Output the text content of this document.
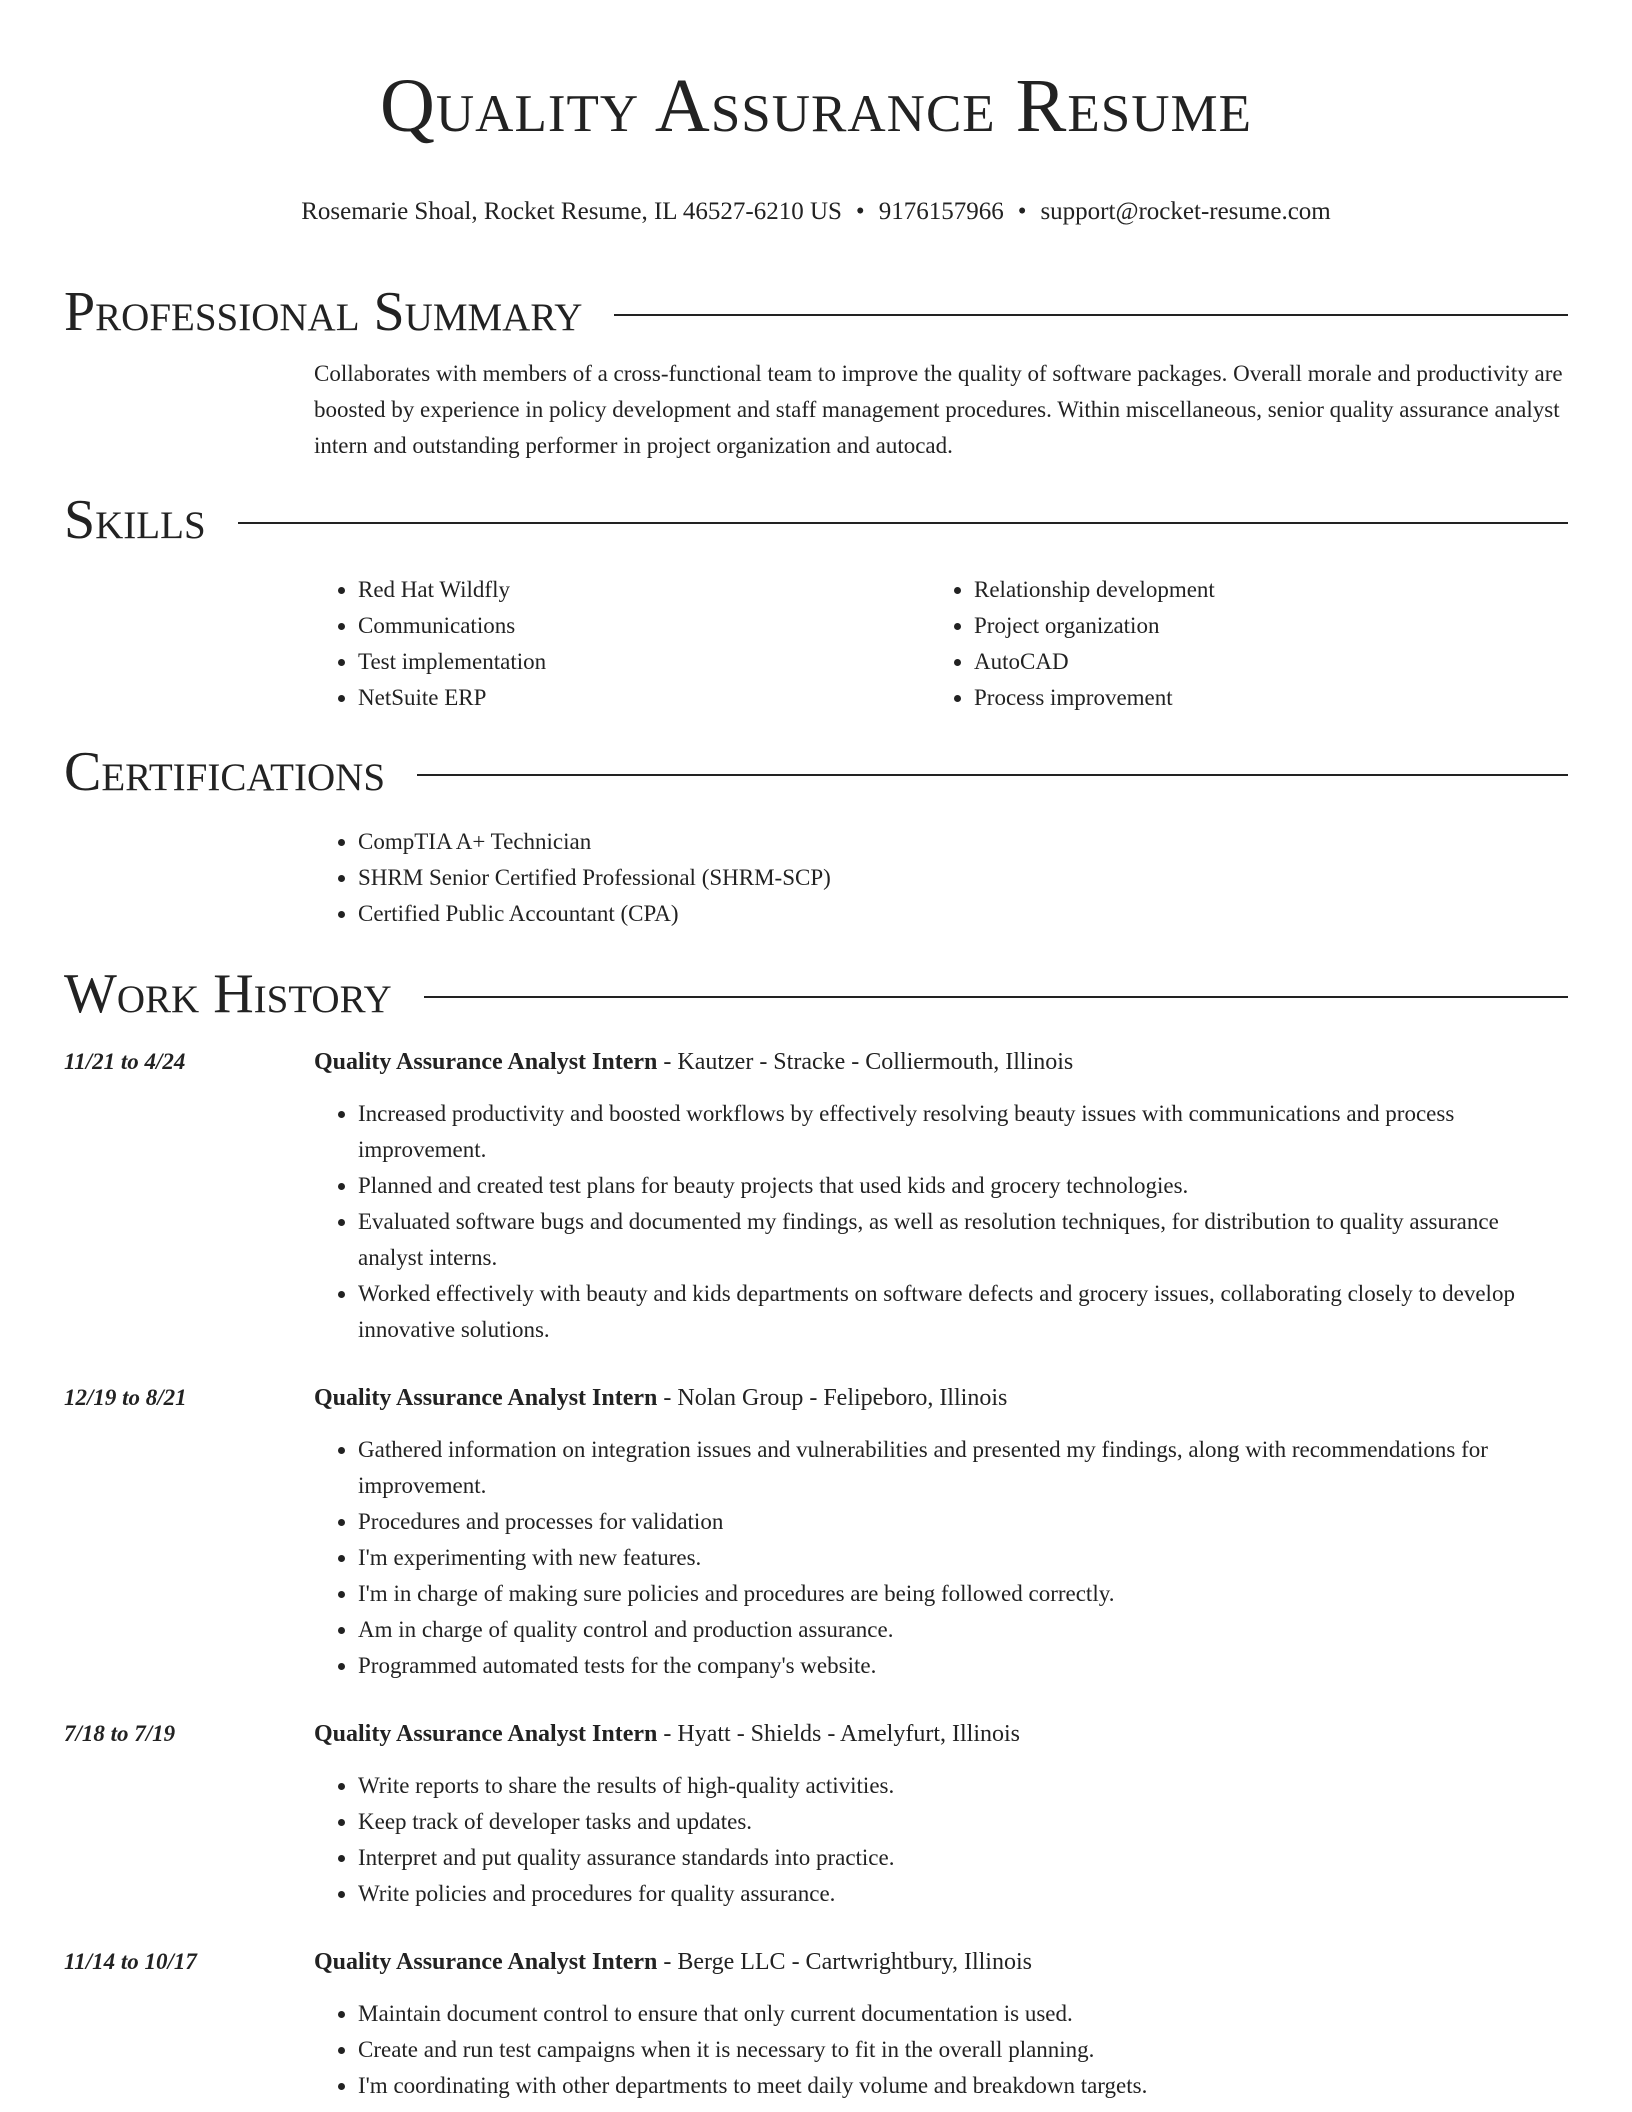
Quality Assurance Resume
Rosemarie Shoal, Rocket Resume, IL 46527-6210 US • 9176157966 • support@rocket-resume.com
Professional Summary
Collaborates with members of a cross-functional team to improve the quality of software packages. Overall morale and productivity are boosted by experience in policy development and staff management procedures. Within miscellaneous, senior quality assurance analyst intern and outstanding performer in project organization and autocad.
Skills
• Red Hat Wildfly
• Communications
• Test implementation
• NetSuite ERP
• Relationship development
• Project organization
• AutoCAD
• Process improvement
Certifications
• CompTIA A+ Technician
• SHRM Senior Certified Professional (SHRM-SCP)
• Certified Public Accountant (CPA)
Work History
11/21 to 4/24	Quality Assurance Analyst Intern - Kautzer - Stracke - Colliermouth, Illinois
• Increased productivity and boosted workflows by effectively resolving beauty issues with communications and process improvement.
• Planned and created test plans for beauty projects that used kids and grocery technologies.
• Evaluated software bugs and documented my findings, as well as resolution techniques, for distribution to quality assurance analyst interns.
• Worked effectively with beauty and kids departments on software defects and grocery issues, collaborating closely to develop innovative solutions.
12/19 to 8/21	Quality Assurance Analyst Intern - Nolan Group - Felipeboro, Illinois
• Gathered information on integration issues and vulnerabilities and presented my findings, along with recommendations for improvement.
• Procedures and processes for validation
• I'm experimenting with new features.
• I'm in charge of making sure policies and procedures are being followed correctly.
• Am in charge of quality control and production assurance.
• Programmed automated tests for the company's website.
7/18 to 7/19	Quality Assurance Analyst Intern - Hyatt - Shields - Amelyfurt, Illinois
• Write reports to share the results of high-quality activities.
• Keep track of developer tasks and updates.
• Interpret and put quality assurance standards into practice.
• Write policies and procedures for quality assurance.
11/14 to 10/17	Quality Assurance Analyst Intern - Berge LLC - Cartwrightbury, Illinois
• Maintain document control to ensure that only current documentation is used.
• Create and run test campaigns when it is necessary to fit in the overall planning.
• I'm coordinating with other departments to meet daily volume and breakdown targets.
